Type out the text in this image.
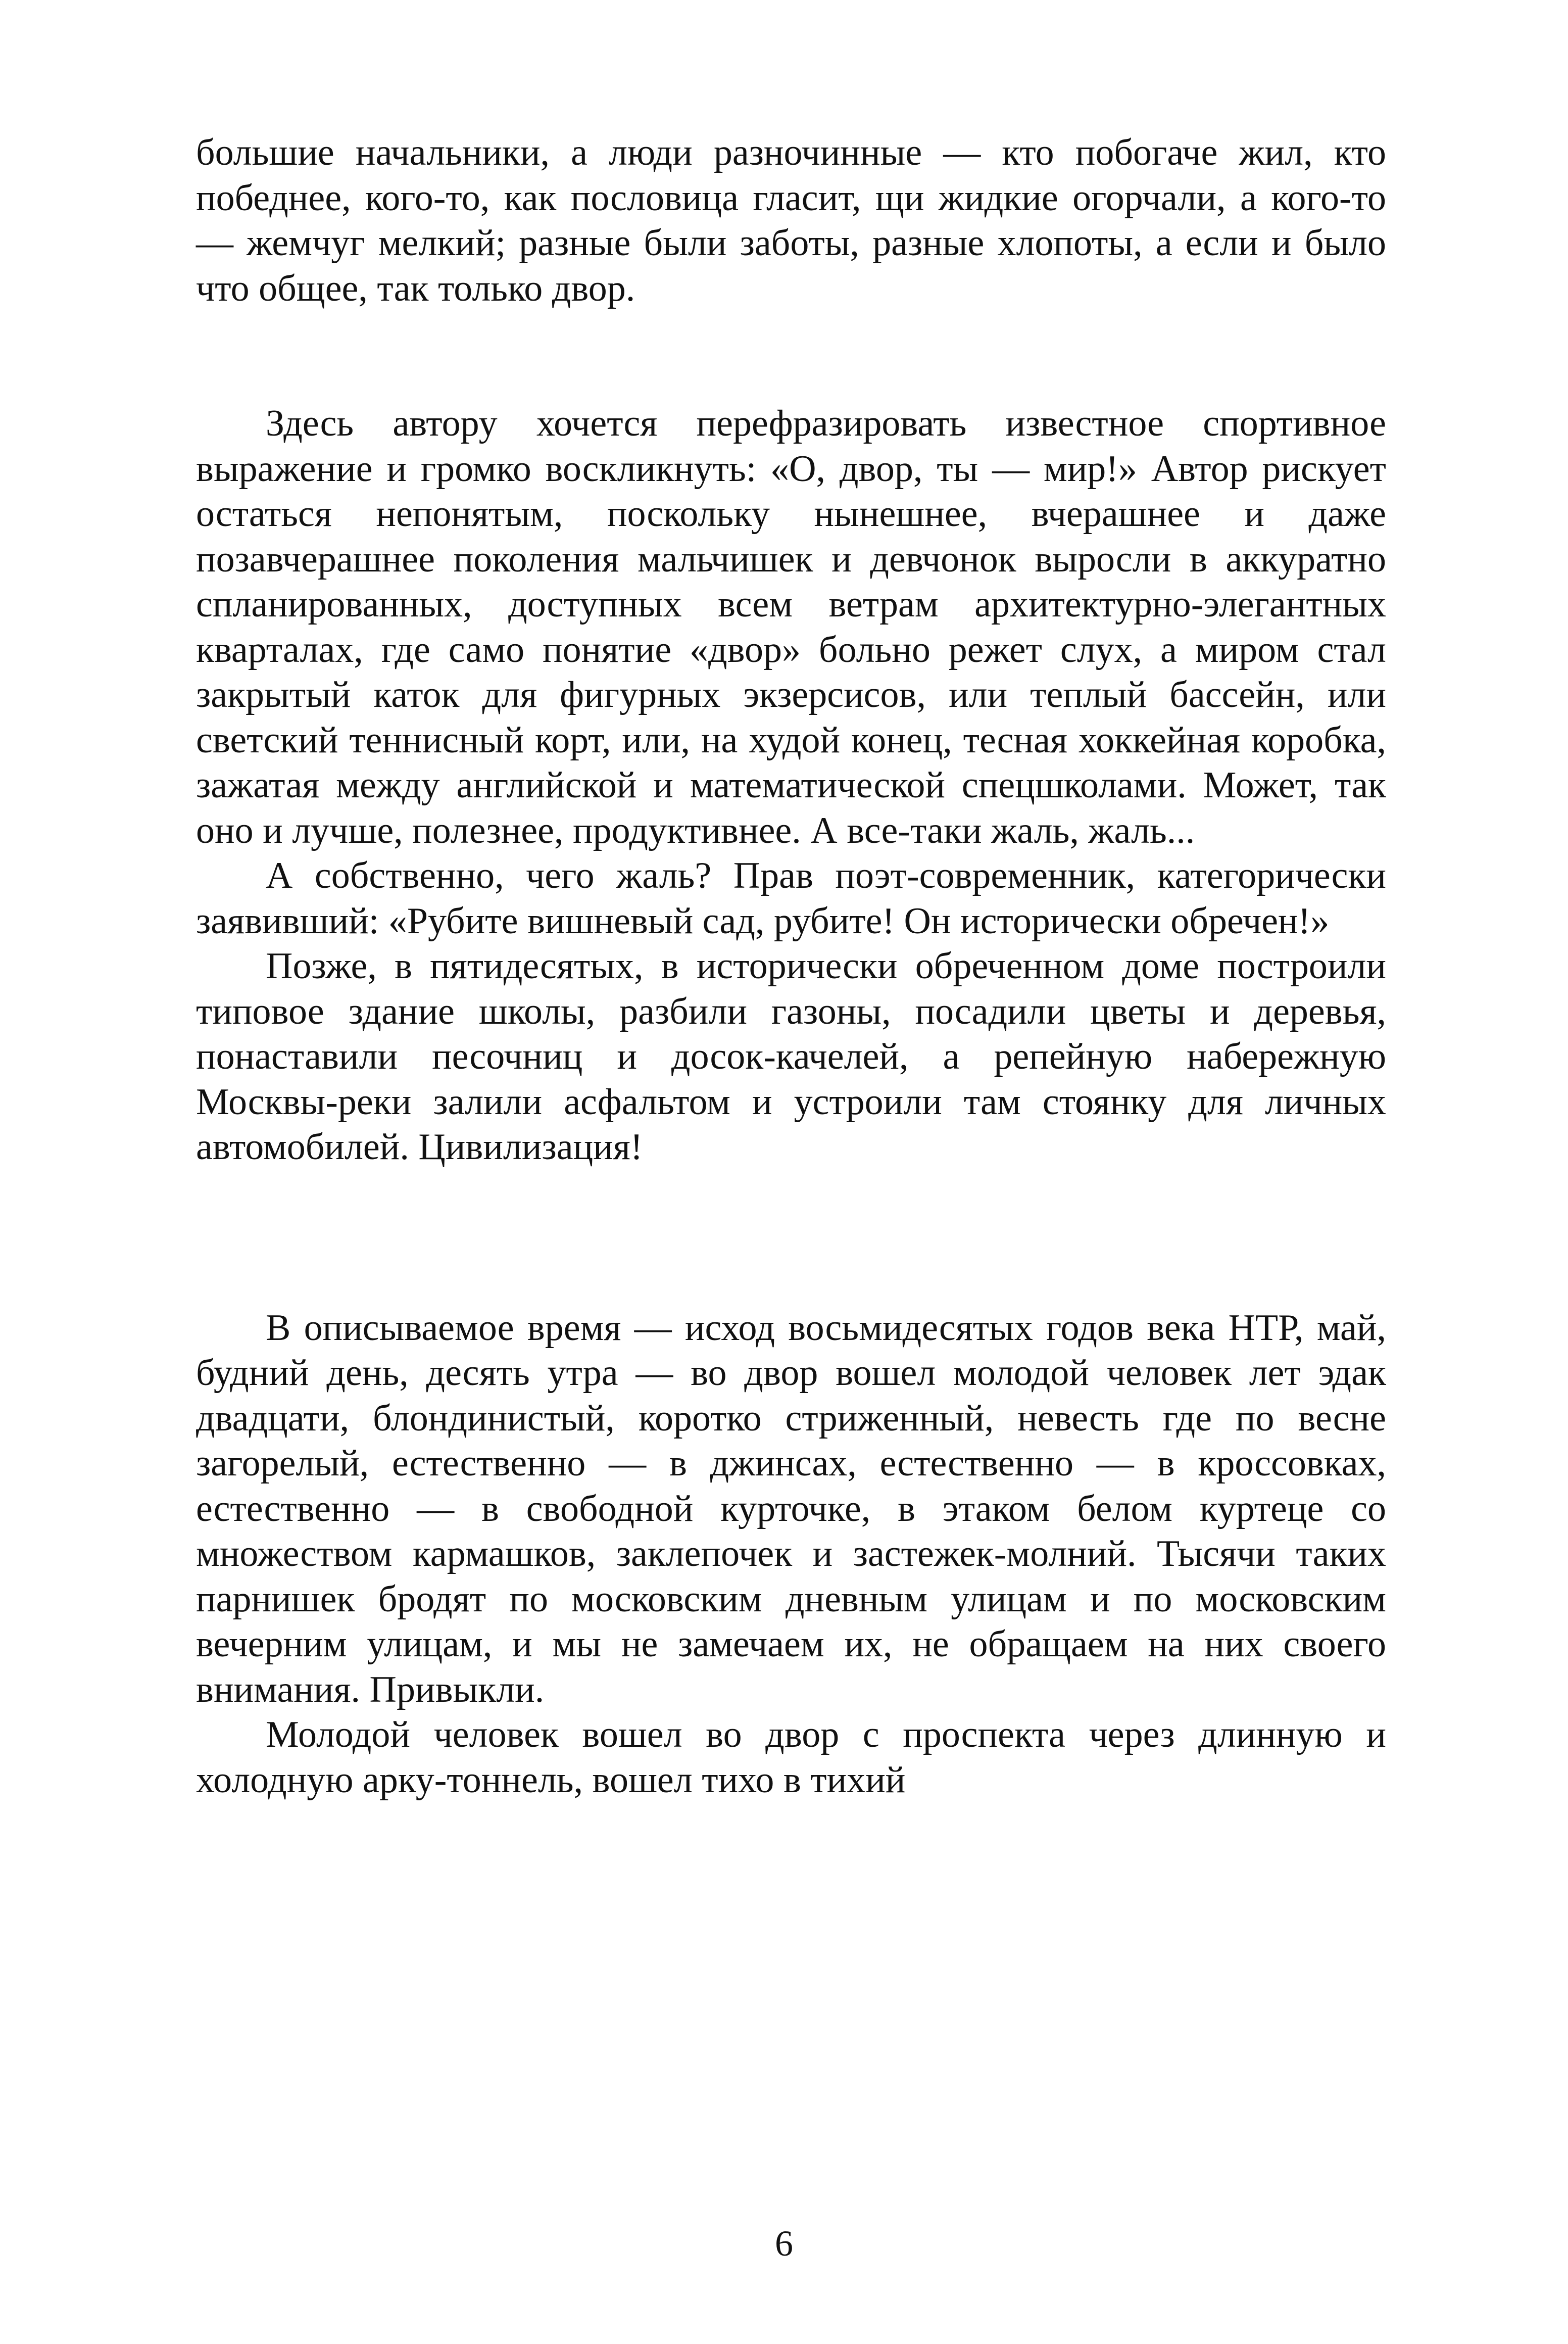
большие начальники, а люди разночинные — кто побогаче жил, кто победнее, кого-то, как пословица гласит, щи жидкие огорчали, а кого-то — жемчуг мелкий; разные были заботы, разные хлопоты, а если и было что общее, так только двор.

Здесь автору хочется перефразировать известное спортивное выражение и громко воскликнуть: «О, двор, ты — мир!» Автор рискует остаться непонятым, поскольку нынешнее, вчерашнее и даже позавчерашнее поколения мальчишек и девчонок выросли в аккуратно спланированных, доступных всем ветрам архитектурно-элегантных кварталах, где само понятие «двор» больно режет слух, а миром стал закрытый каток для фигурных экзерсисов, или теплый бассейн, или светский теннисный корт, или, на худой конец, тесная хоккейная коробка, зажатая между английской и математической спецшколами. Может, так оно и лучше, полезнее, продуктивнее. А все-таки жаль, жаль...

А собственно, чего жаль? Прав поэт-современник, категорически заявивший: «Рубите вишневый сад, рубите! Он исторически обречен!»

Позже, в пятидесятых, в исторически обреченном доме построили типовое здание школы, разбили газоны, посадили цветы и деревья, понаставили песочниц и досок-качелей, а репейную набережную Москвы-реки залили асфальтом и устроили там стоянку для личных автомобилей. Цивилизация!

В описываемое время — исход восьмидесятых годов века НТР, май, будний день, десять утра — во двор вошел молодой человек лет эдак двадцати, блондинистый, коротко стриженный, невесть где по весне загорелый, естественно — в джинсах, естественно — в кроссовках, естественно — в свободной курточке, в этаком белом куртеце со множеством кармашков, заклепочек и застежек-молний. Тысячи таких парнишек бродят по московским дневным улицам и по московским вечерним улицам, и мы не замечаем их, не обращаем на них своего внимания. Привыкли.

Молодой человек вошел во двор с проспекта через длинную и холодную арку-тоннель, вошел тихо в тихий

6
